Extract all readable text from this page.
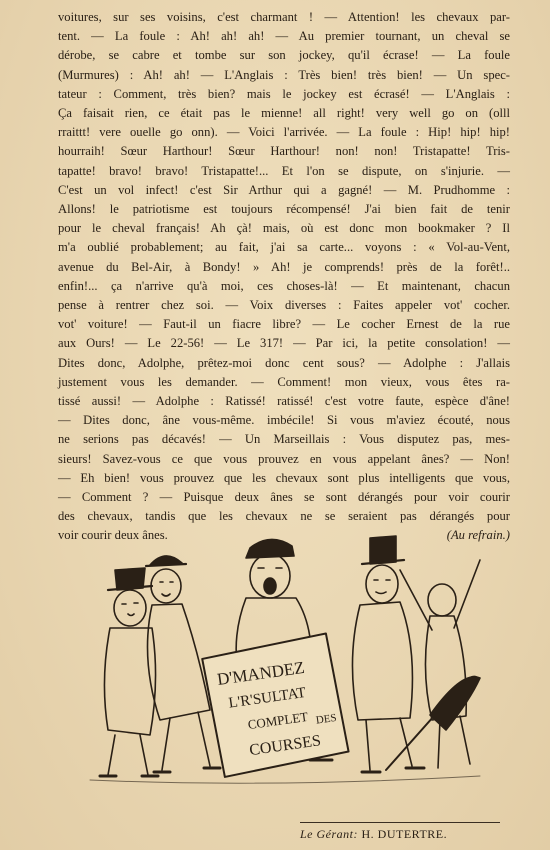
voitures, sur ses voisins, c'est charmant ! — Attention! les chevaux par-
tent. — La foule : Ah! ah! ah! — Au premier tournant, un cheval se
dérobe, se cabre et tombe sur son jockey, qu'il écrase! — La foule
(Murmures) : Ah! ah! — L'Anglais : Très bien! très bien! — Un spec-
tateur : Comment, très bien? mais le jockey est écrasé! — L'Anglais :
Ça faisait rien, ce était pas le mienne! all right! very well go on (olll
rraittt! vere ouelle go onn). — Voici l'arrivée. — La foule : Hip! hip! hip!
hourraih! Sœur Harthour! Sœur Harthour! non! non! Tristapatte! Tris-
tapatte! bravo! bravo! Tristapatte!... Et l'on se dispute, on s'injurie. —
C'est un vol infect! c'est Sir Arthur qui a gagné! — M. Prudhomme :
Allons! le patriotisme est toujours récompensé! J'ai bien fait de tenir
pour le cheval français! Ah çà! mais, où est donc mon bookmaker ? Il
m'a oublié probablement; au fait, j'ai sa carte... voyons : « Vol-au-Vent,
avenue du Bel-Air, à Bondy! » Ah! je comprends! près de la forêt!..
enfin!... ça n'arrive qu'à moi, ces choses-là! — Et maintenant, chacun
pense à rentrer chez soi. — Voix diverses : Faites appeler vot' cocher.
vot' voiture! — Faut-il un fiacre libre? — Le cocher Ernest de la rue
aux Ours! — Le 22-56! — Le 317! — Par ici, la petite consolation! —
Dites donc, Adolphe, prêtez-moi donc cent sous? — Adolphe : J'allais
justement vous les demander. — Comment! mon vieux, vous êtes ra-
tissé aussi! — Adolphe : Ratissé! ratissé! c'est votre faute, espèce d'âne!
— Dites donc, âne vous-même. imbécile! Si vous m'aviez écouté, nous
ne serions pas décavés! — Un Marseillais : Vous disputez pas, mes-
sieurs! Savez-vous ce que vous prouvez en vous appelant ânes? — Non!
— Eh bien! vous prouvez que les chevaux sont plus intelligents que vous,
— Comment ? — Puisque deux ânes se sont dérangés pour voir courir
des chevaux, tandis que les chevaux ne se seraient pas dérangés pour
voir courir deux ânes.	(Au refrain.)
D'MANDEZ
L'R'SULTAT
COMPLET DES
COURSES
Le Gérant: H. DUTERTRE.
